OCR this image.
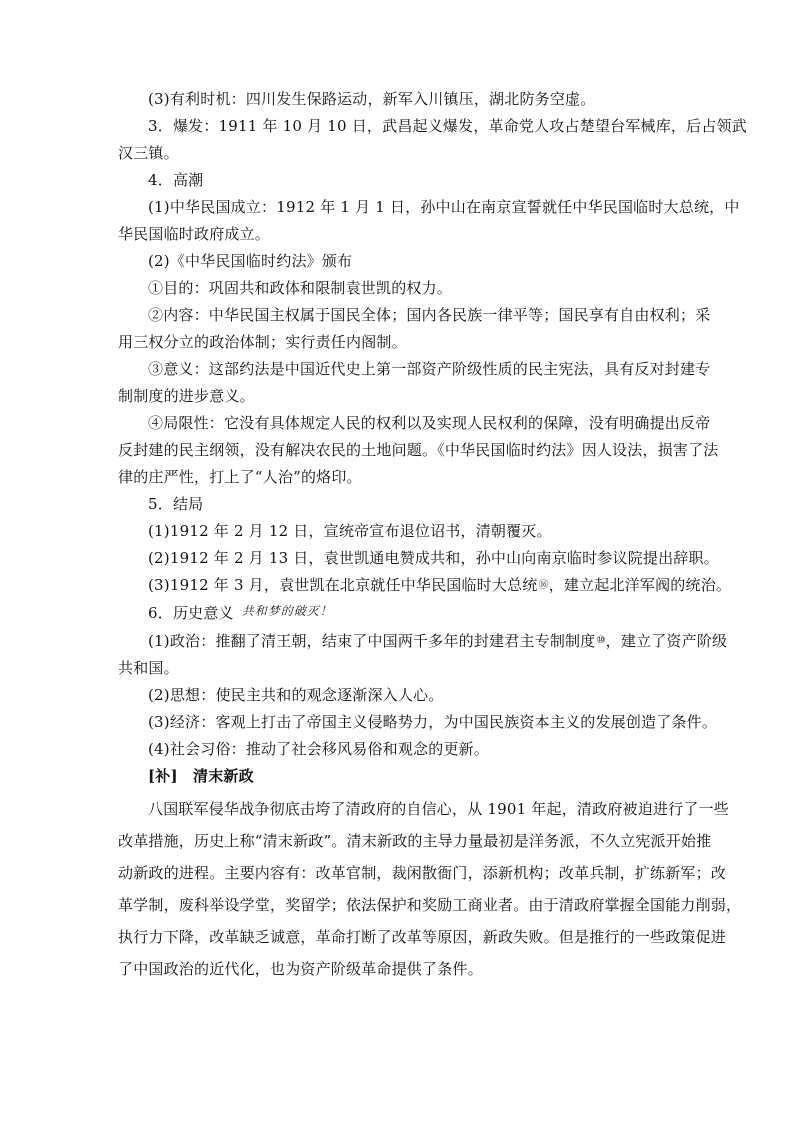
(3)有利时机：四川发生保路运动，新军入川镇压，湖北防务空虚。
3．爆发：1911 年 10 月 10 日，武昌起义爆发，革命党人攻占楚望台军械库，后占领武
汉三镇。
4．高潮
(1)中华民国成立：1912 年 1 月 1 日，孙中山在南京宣誓就任中华民国临时大总统，中
华民国临时政府成立。
(2)《中华民国临时约法》颁布
①目的：巩固共和政体和限制袁世凯的权力。
②内容：中华民国主权属于国民全体；国内各民族一律平等；国民享有自由权利；采
用三权分立的政治体制；实行责任内阁制。
③意义：这部约法是中国近代史上第一部资产阶级性质的民主宪法，具有反对封建专
制制度的进步意义。
④局限性：它没有具体规定人民的权利以及实现人民权利的保障，没有明确提出反帝
反封建的民主纲领，没有解决农民的土地问题。《中华民国临时约法》因人设法，损害了法
律的庄严性，打上了“人治”的烙印。
5．结局
(1)1912 年 2 月 12 日，宣统帝宣布退位诏书，清朝覆灭。
(2)1912 年 2 月 13 日，袁世凯通电赞成共和，孙中山向南京临时参议院提出辞职。
(3)1912 年 3 月，袁世凯在北京就任中华民国临时大总统⑯，建立起北洋军阀的统治。
6．历史意义 $^{共和梦的破灭!}$
(1)政治：推翻了清王朝，结束了中国两千多年的封建君主专制制度⑩，建立了资产阶级
共和国。
(2)思想：使民主共和的观念逐渐深入人心。
(3)经济：客观上打击了帝国主义侵略势力，为中国民族资本主义的发展创造了条件。
(4)社会习俗：推动了社会移风易俗和观念的更新。
[补]　清末新政
八国联军侵华战争彻底击垮了清政府的自信心，从 1901 年起，清政府被迫进行了一些
改革措施，历史上称“清末新政”。清末新政的主导力量最初是洋务派，不久立宪派开始推
动新政的进程。主要内容有：改革官制，裁闲散衙门，添新机构；改革兵制，扩练新军；改
革学制，废科举设学堂，奖留学；依法保护和奖励工商业者。由于清政府掌握全国能力削弱，
执行力下降，改革缺乏诚意，革命打断了改革等原因，新政失败。但是推行的一些政策促进
了中国政治的近代化，也为资产阶级革命提供了条件。
